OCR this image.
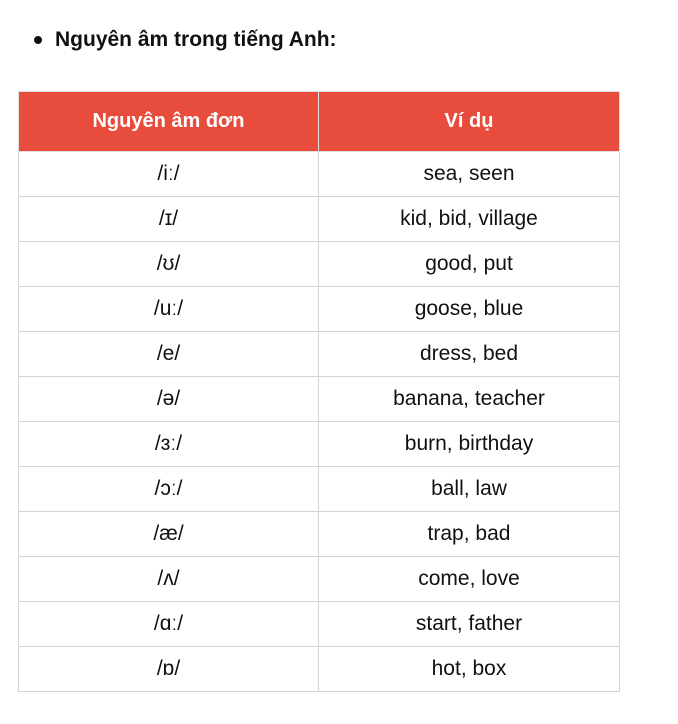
Nguyên âm trong tiếng Anh:
Nguyên âm đơn	Ví dụ
/iː/	sea, seen
/ɪ/	kid, bid, village
/ʊ/	good, put
/uː/	goose, blue
/e/	dress, bed
/ə/	banana, teacher
/ɜː/	burn, birthday
/ɔː/	ball, law
/æ/	trap, bad
/ʌ/	come, love
/ɑː/	start, father
/ɒ/	hot, box
